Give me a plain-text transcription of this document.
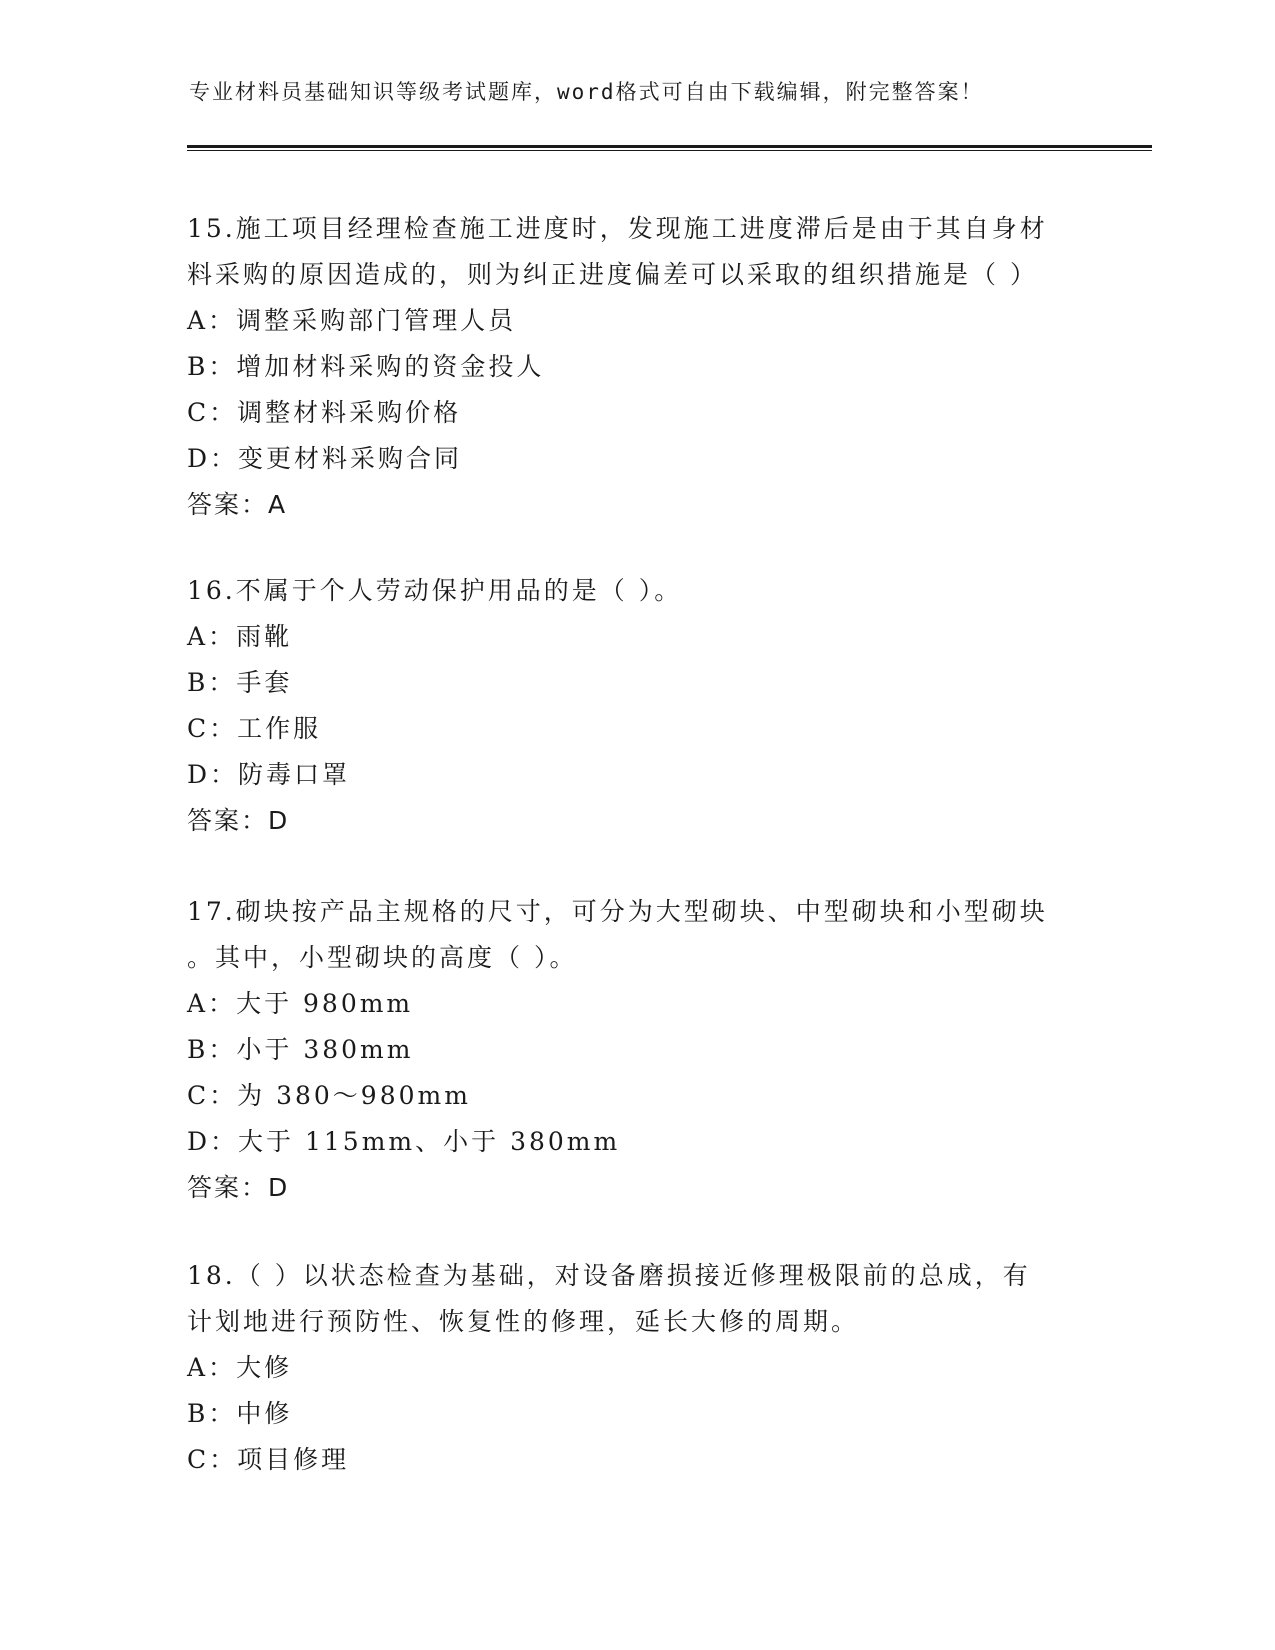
专业材料员基础知识等级考试题库，word格式可自由下载编辑，附完整答案！
15.施工项目经理检查施工进度时，发现施工进度滞后是由于其自身材
料采购的原因造成的，则为纠正进度偏差可以采取的组织措施是（ ）
A：调整采购部门管理人员
B：增加材料采购的资金投人
C：调整材料采购价格
D：变更材料采购合同
答案：A
16.不属于个人劳动保护用品的是（ ）。
A：雨靴
B：手套
C：工作服
D：防毒口罩
答案：D
17.砌块按产品主规格的尺寸，可分为大型砌块、中型砌块和小型砌块
。其中，小型砌块的高度（ ）。
A：大于 980mm
B：小于 380mm
C：为 380～980mm
D：大于 115mm、小于 380mm
答案：D
18.（ ）以状态检查为基础，对设备磨损接近修理极限前的总成，有
计划地进行预防性、恢复性的修理，延长大修的周期。
A：大修
B：中修
C：项目修理
